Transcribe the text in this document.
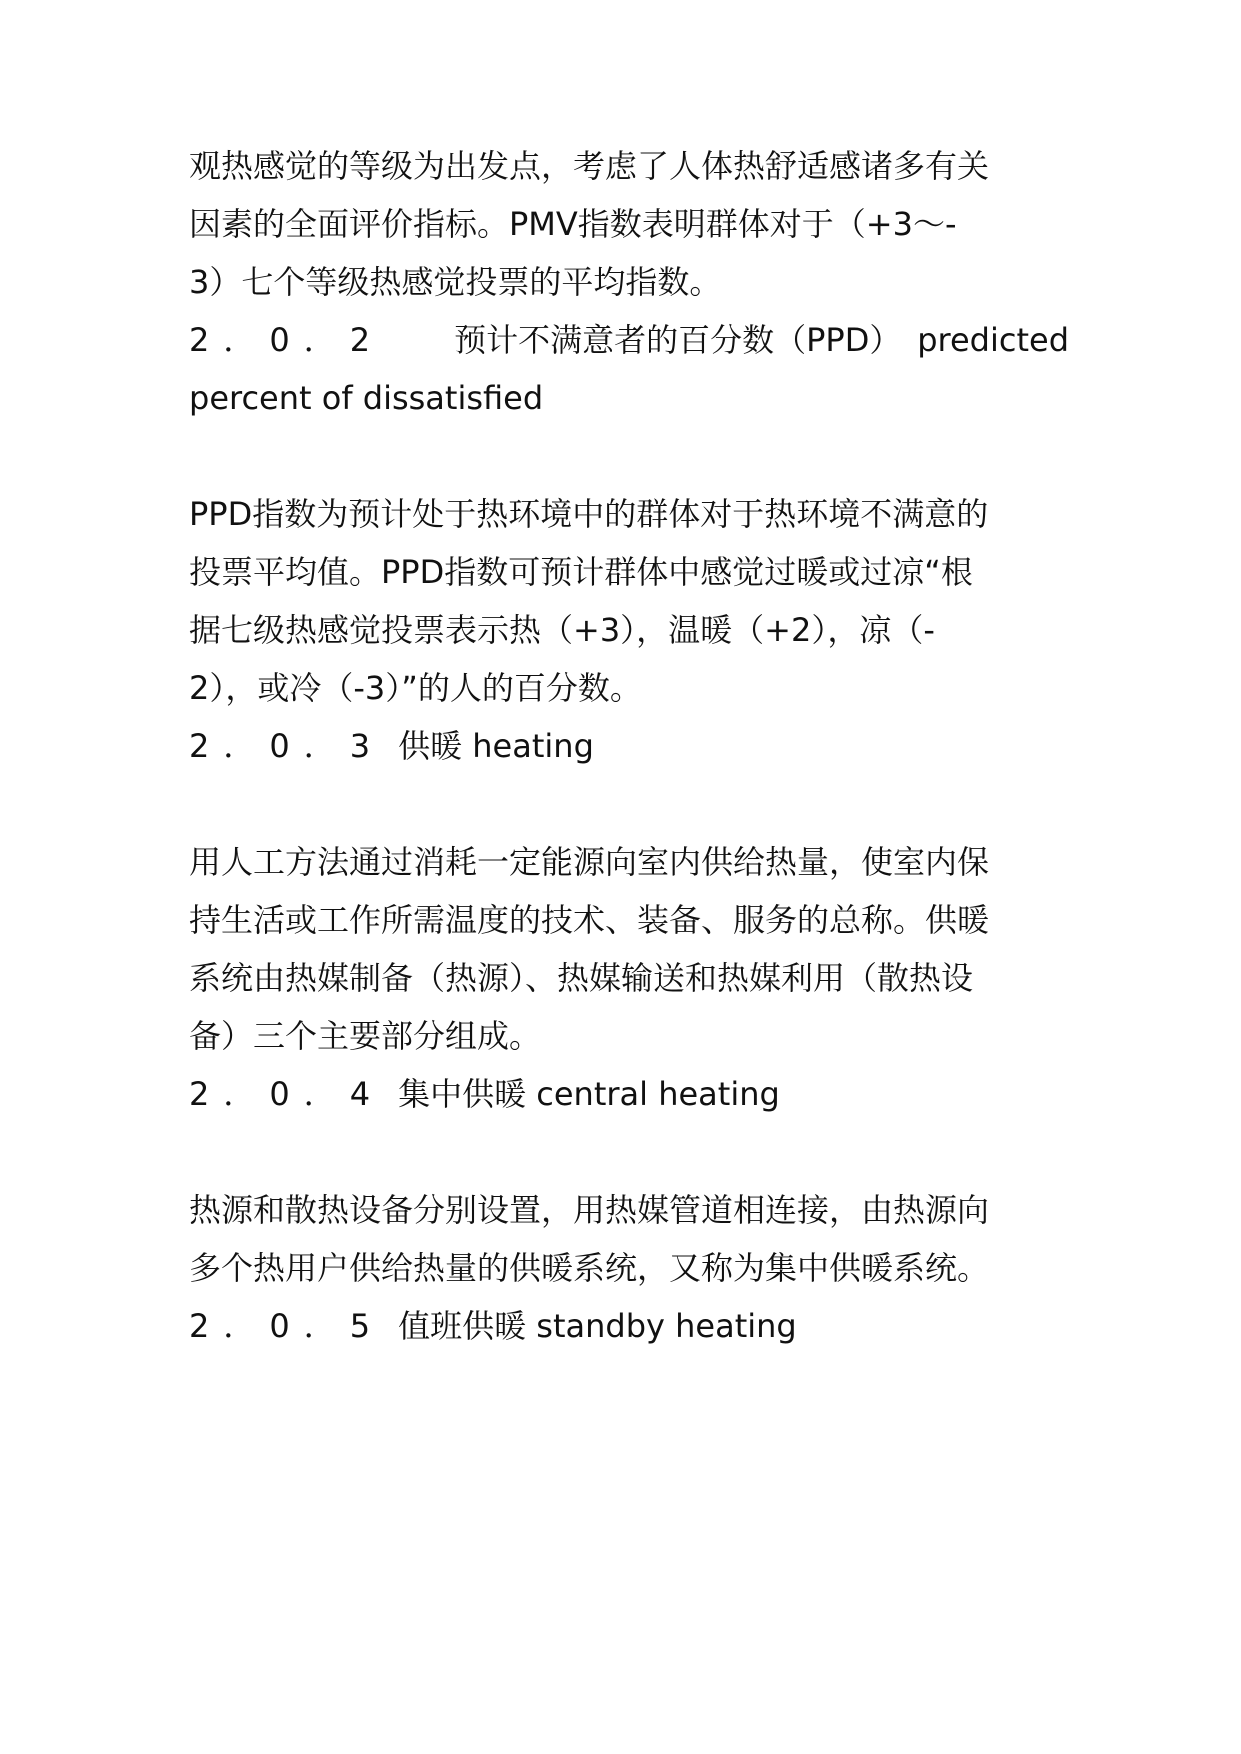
观热感觉的等级为出发点，考虑了人体热舒适感诸多有关
因素的全面评价指标。PMV指数表明群体对于（+3～-
3）七个等级热感觉投票的平均指数。
2．0．2 预计不满意者的百分数（PPD） predicted
percent of dissatisfied
PPD指数为预计处于热环境中的群体对于热环境不满意的
投票平均值。PPD指数可预计群体中感觉过暖或过凉“根
据七级热感觉投票表示热（+3），温暖（+2），凉（-
2），或冷（-3）”的人的百分数。
2．0．3 供暖 heating
用人工方法通过消耗一定能源向室内供给热量，使室内保
持生活或工作所需温度的技术、装备、服务的总称。供暖
系统由热媒制备（热源）、热媒输送和热媒利用（散热设
备）三个主要部分组成。
2．0．4 集中供暖 central heating
热源和散热设备分别设置，用热媒管道相连接，由热源向
多个热用户供给热量的供暖系统，又称为集中供暖系统。
2．0．5 值班供暖 standby heating
